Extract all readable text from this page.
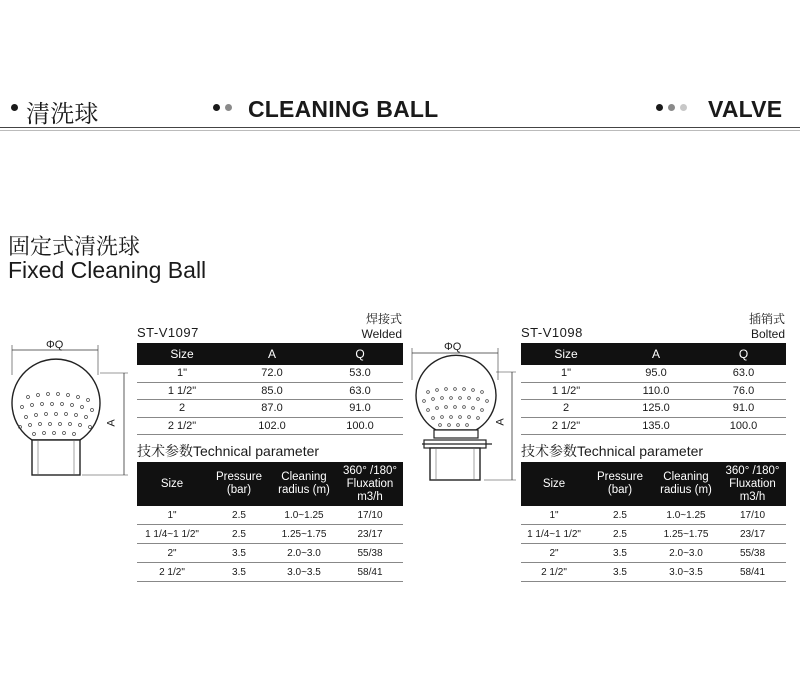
清洗球	CLEANING BALL	VALVE
固定式清洗球
Fixed Cleaning Ball
ΦQ
A
ST-V1097
焊接式
Welded
Size	A	Q
1"	72.0	53.0
1 1/2"	85.0	63.0
2	87.0	91.0
2 1/2"	102.0	100.0
技术参数Technical parameter
Size	Pressure (bar)	Cleaning radius (m)	360° /180° Fluxation m3/h
1"	2.5	1.0~1.25	17/10
1 1/4~1 1/2"	2.5	1.25~1.75	23/17
2"	3.5	2.0~3.0	55/38
2 1/2"	3.5	3.0~3.5	58/41
ΦQ
A
ST-V1098
插销式
Bolted
Size	A	Q
1"	95.0	63.0
1 1/2"	110.0	76.0
2	125.0	91.0
2 1/2"	135.0	100.0
技术参数Technical parameter
Size	Pressure (bar)	Cleaning radius (m)	360° /180° Fluxation m3/h
1"	2.5	1.0~1.25	17/10
1 1/4~1 1/2"	2.5	1.25~1.75	23/17
2"	3.5	2.0~3.0	55/38
2 1/2"	3.5	3.0~3.5	58/41
